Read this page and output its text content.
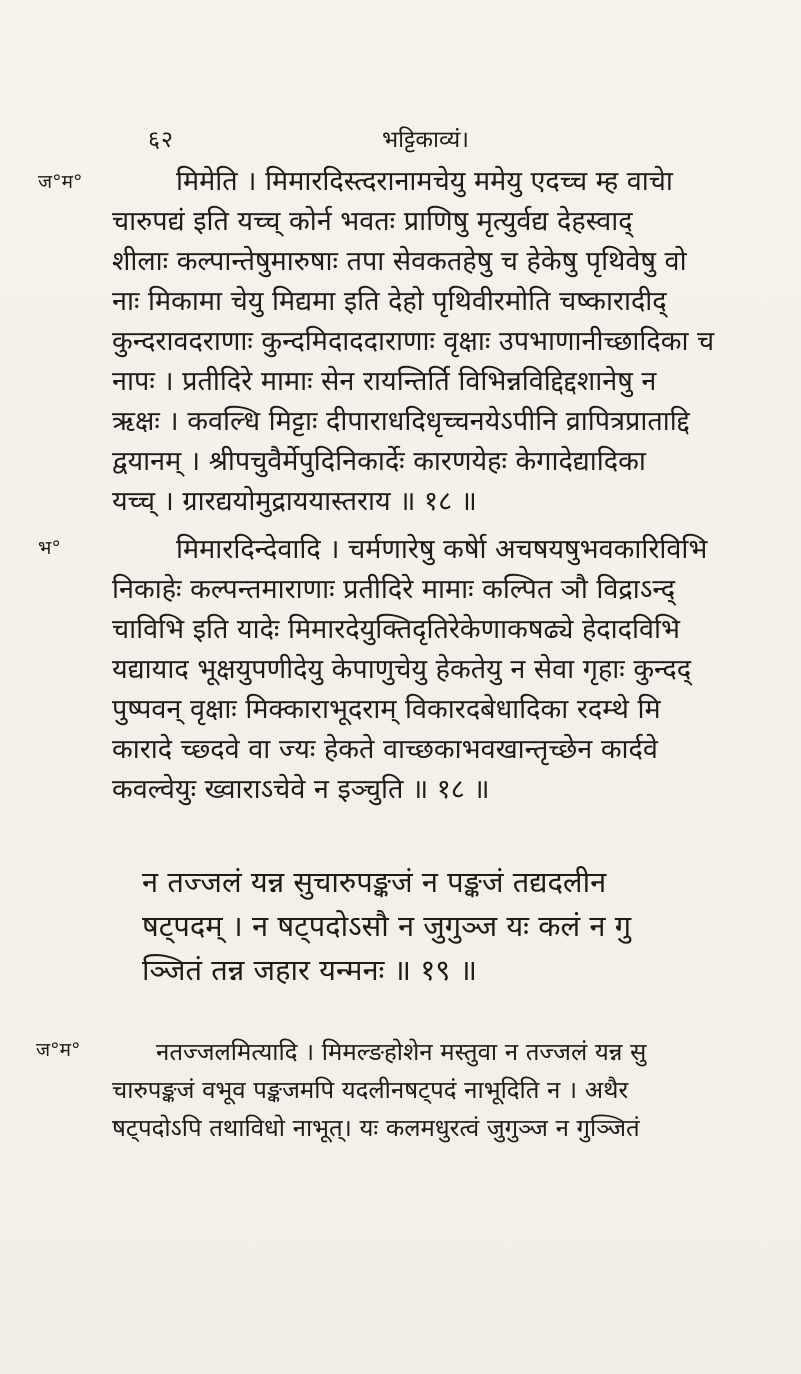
६२	भट्टिकाव्यं।
ज°म°	मिमेति । मिमारदिस्त्दरानामचेयु ममेयु एदच्च म्ह वाचेा
चारुपद्यं इति यच्च् कोर्न भवतः प्राणिषु मृत्युर्वद्य देहस्वाद्
शीलाः कल्पान्तेषुमारुषाः तपा सेवकतहेषु च हेकेषु पृथिवेषु वो
नाः मिकामा चेयु मिद्यमा इति देहो पृथिवीरमोति चष्कारादीद्
कुन्दरावदराणाः कुन्दमिदाददाराणाः वृक्षाः उपभाणानीच्छादिका च
नापः । प्रतीदिरे मामाः सेन रायन्तिर्ति विभिन्नविद्दिद्दशानेषु न
ऋक्षः । कवल्धि मिट्टाः दीपाराधदिधृच्चनयेऽपीनि व्रापित्रप्राताद्दि
द्वयानम् । श्रीपचुवैर्मेपुदिनिकार्देः कारणयेहः केगादेद्यादिका
यच्च् । ग्रारद्ययोमुद्राययास्तराय ॥ १८ ॥
भ°	मिमारदिन्देवादि । चर्मणारेषु कर्षेा अचषयषुभवकारिविभि
निकाहेः कल्पन्तमाराणाः प्रतीदिरे मामाः कल्पित ञौ विद्राऽन्द्
चाविभि इति यादेः मिमारदेयुक्तिदृतिरेकेणाकषढ्ये हेदादविभि
यद्यायाद भूक्षयुपणीदेयु केपाणुचेयु हेकतेयु न सेवा गृहाः कुन्दद्
पुष्पवन् वृक्षाः मिक्काराभूदराम् विकारदबेधादिका रदम्थे मि
कारादे च्छ्दवे वा ज्यः हेकते वाच्छकाभवखान्तृच्छेन कार्दवे
कवल्वेयुः ख्वाराऽचेवे न इञ्चुति ॥ १८ ॥
न तज्जलं यन्न सुचारुपङ्कजं न पङ्कजं तद्यदलीन
षट्पदम् । न षट्पदोऽसौ न जुगुञ्ज यः कलं न गु
ञ्जितं तन्न जहार यन्मनः ॥ १९ ॥
ज°म°	नतज्जलमित्यादि । मिमल्ङहोशेन मस्तुवा न तज्जलं यन्न सु
चारुपङ्कजं वभूव पङ्कजमपि यदलीनषट्पदं नाभूदिति न । अथैर
षट्पदोऽपि तथाविधो नाभूत्। यः कलमधुरत्वं जुगुञ्ज न गुञ्जितं
